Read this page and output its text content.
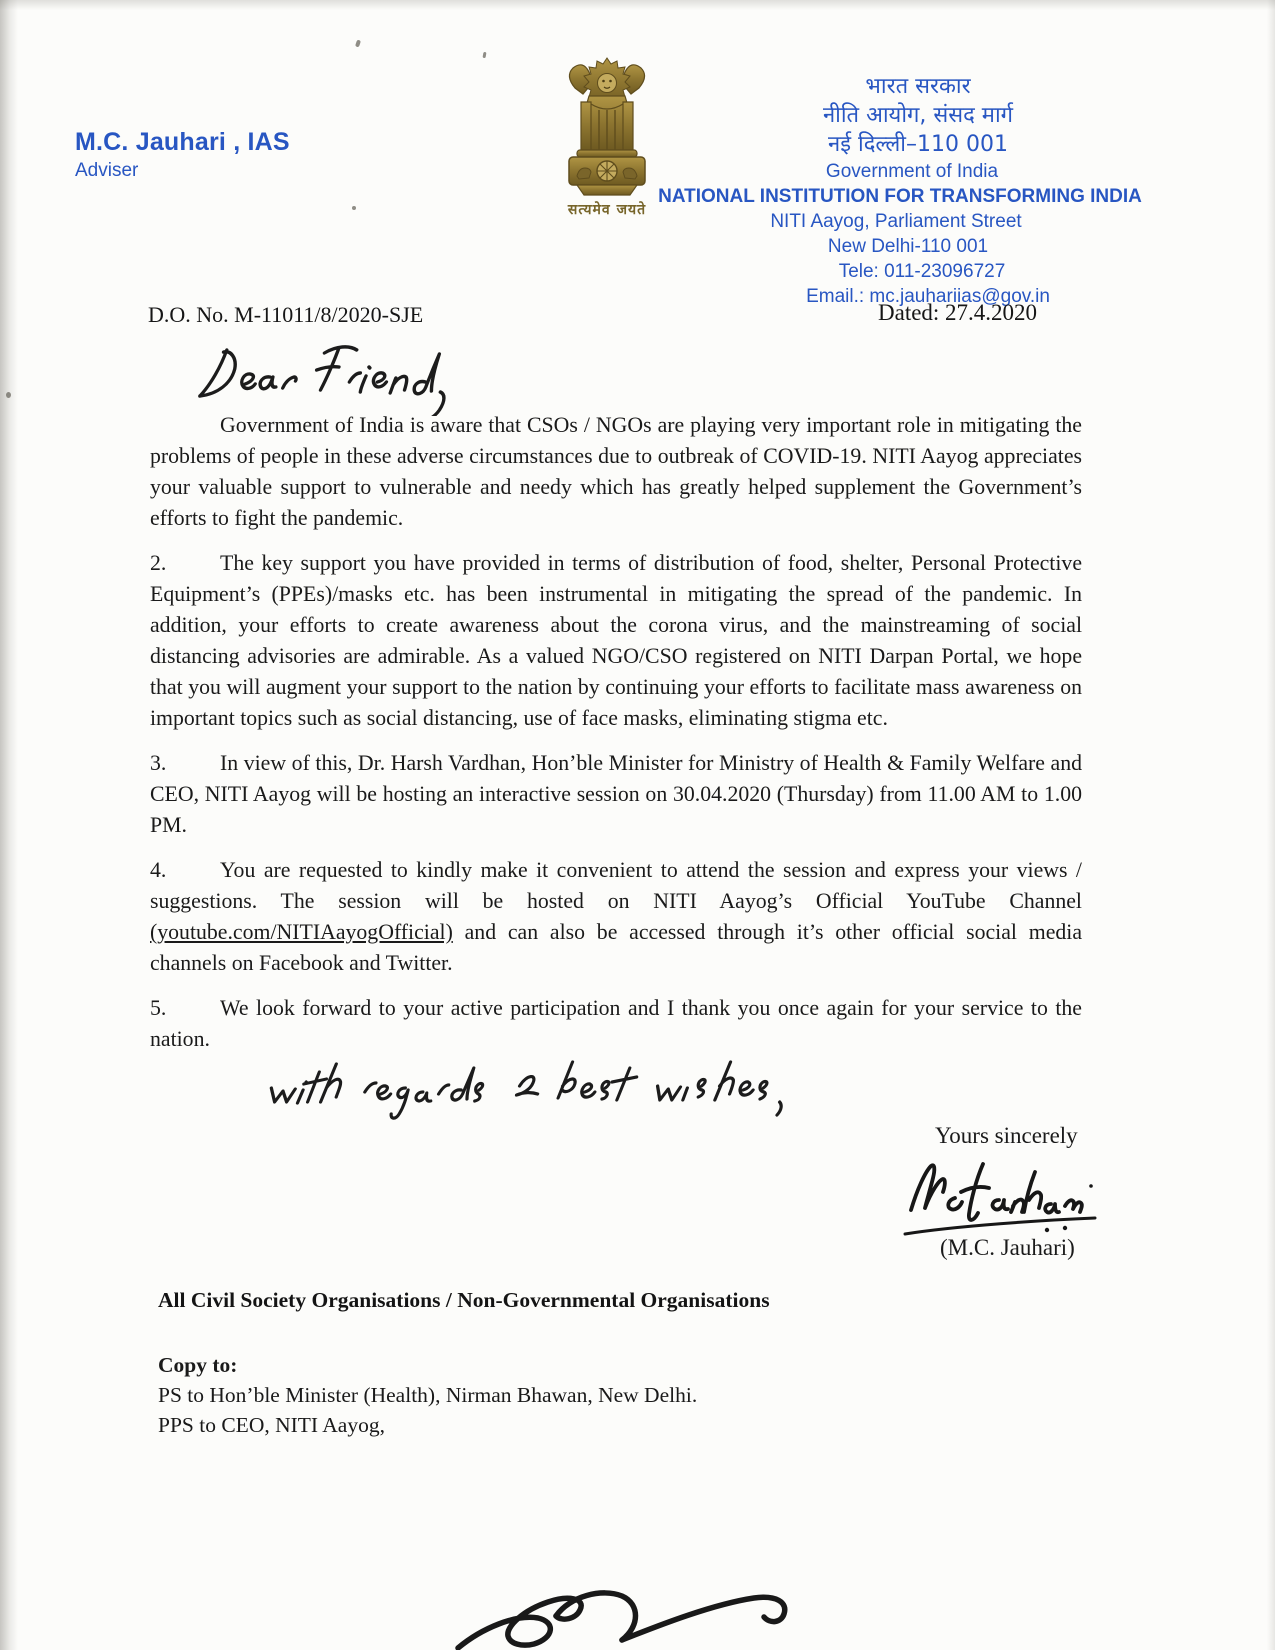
M.C. Jauhari , IAS
Adviser
सत्यमेव जयते
भारत सरकार
नीति आयोग, संसद मार्ग
नई दिल्ली–110 001
Government of India
NATIONAL INSTITUTION FOR TRANSFORMING INDIA
NITI Aayog, Parliament Street
New Delhi-110 001
Tele: 011-23096727
Email.: mc.jauhariias@gov.in
D.O. No. M-11011/8/2020-SJE	Dated: 27.4.2020

Government of India is aware that CSOs / NGOs are playing very important role in mitigating the problems of people in these adverse circumstances due to outbreak of COVID-19. NITI Aayog appreciates your valuable support to vulnerable and needy which has greatly helped supplement the Government’s efforts to fight the pandemic.

2. The key support you have provided in terms of distribution of food, shelter, Personal Protective Equipment’s (PPEs)/masks etc. has been instrumental in mitigating the spread of the pandemic. In addition, your efforts to create awareness about the corona virus, and the mainstreaming of social distancing advisories are admirable. As a valued NGO/CSO registered on NITI Darpan Portal, we hope that you will augment your support to the nation by continuing your efforts to facilitate mass awareness on important topics such as social distancing, use of face masks, eliminating stigma etc.

3. In view of this, Dr. Harsh Vardhan, Hon’ble Minister for Ministry of Health & Family Welfare and CEO, NITI Aayog will be hosting an interactive session on 30.04.2020 (Thursday) from 11.00 AM to 1.00 PM.

4. You are requested to kindly make it convenient to attend the session and express your views / suggestions. The session will be hosted on NITI Aayog’s Official YouTube Channel (youtube.com/NITIAayogOfficial) and can also be accessed through it’s other official social media channels on Facebook and Twitter.

5. We look forward to your active participation and I thank you once again for your service to the nation.

Yours sincerely
(M.C. Jauhari)
All Civil Society Organisations / Non-Governmental Organisations
Copy to:
PS to Hon’ble Minister (Health), Nirman Bhawan, New Delhi.
PPS to CEO, NITI Aayog,
